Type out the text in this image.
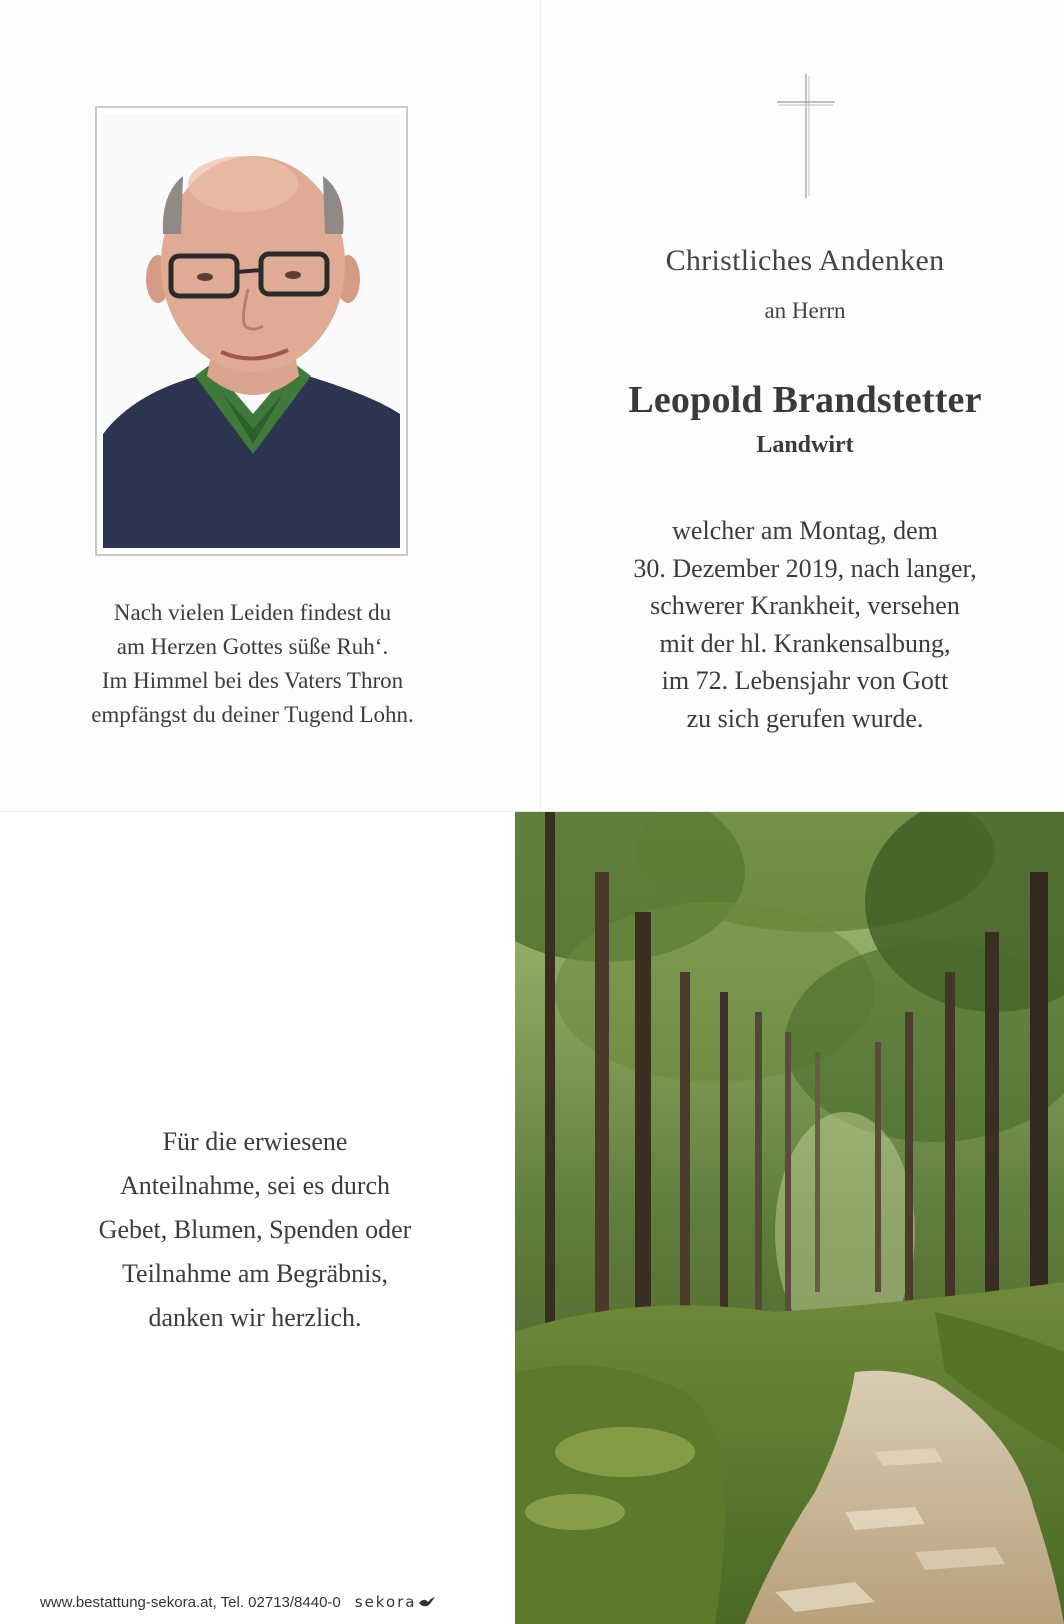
Nach vielen Leiden findest du
am Herzen Gottes süße Ruh‘.
Im Himmel bei des Vaters Thron
empfängst du deiner Tugend Lohn.
Christliches Andenken
an Herrn
Leopold Brandstetter
Landwirt
welcher am Montag, dem
30. Dezember 2019, nach langer,
schwerer Krankheit, versehen
mit der hl. Krankensalbung,
im 72. Lebensjahr von Gott
zu sich gerufen wurde.
Für die erwiesene
Anteilnahme, sei es durch
Gebet, Blumen, Spenden oder
Teilnahme am Begräbnis,
danken wir herzlich.
www.bestattung-sekora.at, Tel. 02713/8440-0 sekora
